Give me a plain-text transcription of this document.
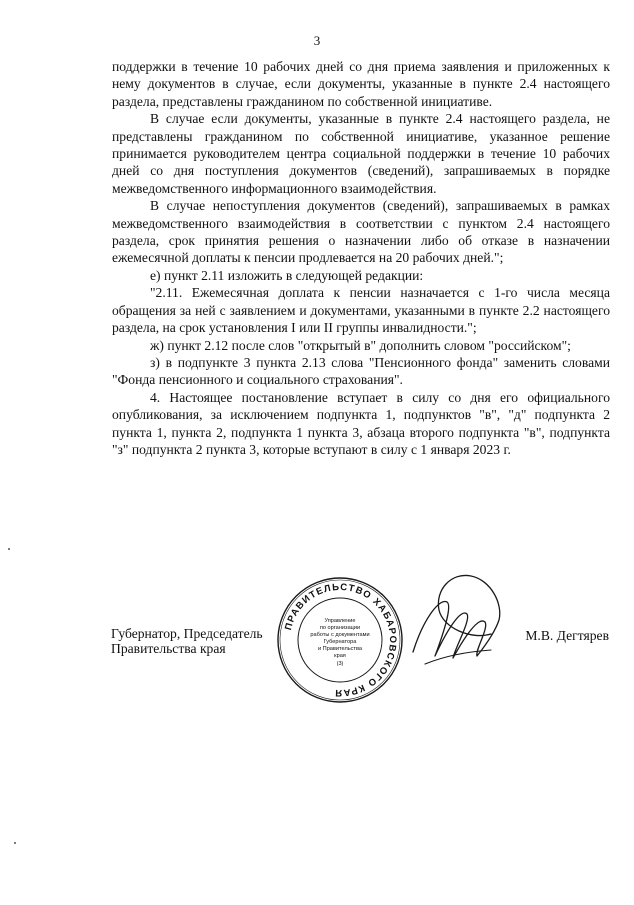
3

поддержки в течение 10 рабочих дней со дня приема заявления и приложенных к нему документов в случае, если документы, указанные в пункте 2.4 настоящего раздела, представлены гражданином по собственной инициативе.

В случае если документы, указанные в пункте 2.4 настоящего раздела, не представлены гражданином по собственной инициативе, указанное решение принимается руководителем центра социальной поддержки в течение 10 рабочих дней со дня поступления документов (сведений), запрашиваемых в порядке межведомственного информационного взаимодействия.

В случае непоступления документов (сведений), запрашиваемых в рамках межведомственного взаимодействия в соответствии с пунктом 2.4 настоящего раздела, срок принятия решения о назначении либо об отказе в назначении ежемесячной доплаты к пенсии продлевается на 20 рабочих дней.";

е) пункт 2.11 изложить в следующей редакции:

"2.11. Ежемесячная доплата к пенсии назначается с 1-го числа месяца обращения за ней с заявлением и документами, указанными в пункте 2.2 настоящего раздела, на срок установления I или II группы инвалидности.";

ж) пункт 2.12 после слов "открытый в" дополнить словом "российском";

з) в подпункте 3 пункта 2.13 слова "Пенсионного фонда" заменить словами "Фонда пенсионного и социального страхования".

4. Настоящее постановление вступает в силу со дня его официального опубликования, за исключением подпункта 1, подпунктов "в", "д" подпункта 2 пункта 1, пункта 2, подпункта 1 пункта 3, абзаца второго подпункта "в", подпункта "з" подпункта 2 пункта 3, которые вступают в силу с 1 января 2023 г.

Губернатор, Председатель
Правительства края
ПРАВИТЕЛЬСТВО ХАБАРОВСКОГО КРАЯ
Управление
по организации
работы с документами
Губернатора
и Правительства
края
(3)
М.В. Дегтярев
